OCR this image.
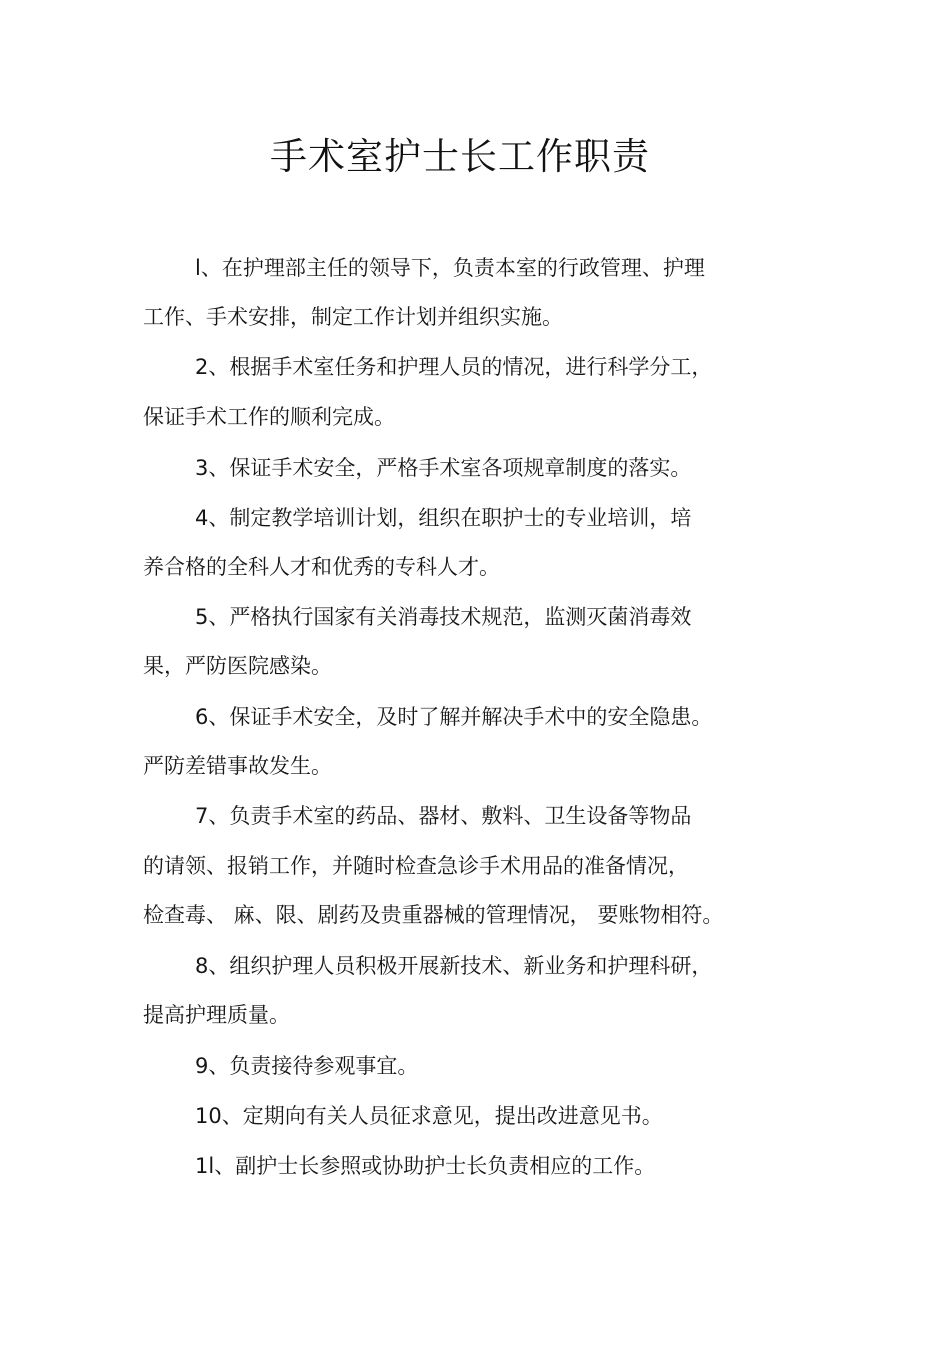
手术室护士长工作职责
l、在护理部主任的领导下，负责本室的行政管理、护理
工作、手术安排，制定工作计划并组织实施。
2、根据手术室任务和护理人员的情况，进行科学分工，
保证手术工作的顺利完成。
3、保证手术安全，严格手术室各项规章制度的落实。
4、制定教学培训计划，组织在职护士的专业培训，培
养合格的全科人才和优秀的专科人才。
5、严格执行国家有关消毒技术规范，监测灭菌消毒效
果，严防医院感染。
6、保证手术安全，及时了解并解决手术中的安全隐患。
严防差错事故发生。
7、负责手术室的药品、器材、敷料、卫生设备等物品
的请领、报销工作，并随时检查急诊手术用品的准备情况，
检查毒、 麻、限、剧药及贵重器械的管理情况， 要账物相符。
8、组织护理人员积极开展新技术、新业务和护理科研，
提高护理质量。
9、负责接待参观事宜。
10、定期向有关人员征求意见，提出改进意见书。
1l、副护士长参照或协助护士长负责相应的工作。
